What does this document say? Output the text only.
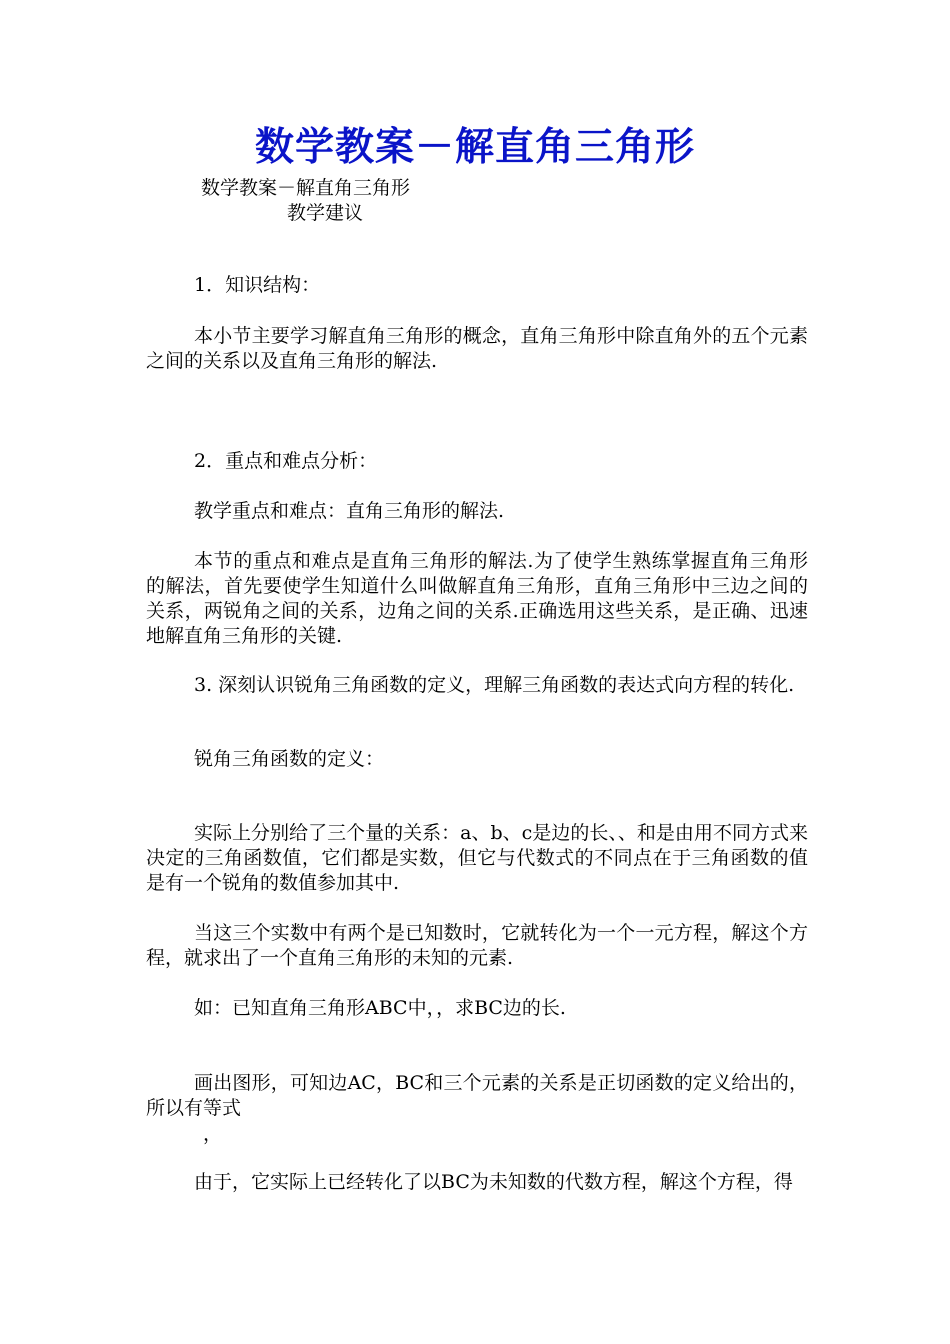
数学教案－解直角三角形

数学教案－解直角三角形

教学建议

1．知识结构：

本小节主要学习解直角三角形的概念，直角三角形中除直角外的五个元素之间的关系以及直角三角形的解法.

2．重点和难点分析：

教学重点和难点：直角三角形的解法.

本节的重点和难点是直角三角形的解法.为了使学生熟练掌握直角三角形的解法，首先要使学生知道什么叫做解直角三角形，直角三角形中三边之间的关系，两锐角之间的关系，边角之间的关系.正确选用这些关系，是正确、迅速地解直角三角形的关键.

3. 深刻认识锐角三角函数的定义，理解三角函数的表达式向方程的转化.

锐角三角函数的定义：

实际上分别给了三个量的关系：a、b、c是边的长、、和是由用不同方式来决定的三角函数值，它们都是实数，但它与代数式的不同点在于三角函数的值是有一个锐角的数值参加其中.

当这三个实数中有两个是已知数时，它就转化为一个一元方程，解这个方程，就求出了一个直角三角形的未知的元素.

如：已知直角三角形ABC中，，求BC边的长.

画出图形，可知边AC，BC和三个元素的关系是正切函数的定义给出的，所以有等式

，

由于，它实际上已经转化了以BC为未知数的代数方程，解这个方程，得
